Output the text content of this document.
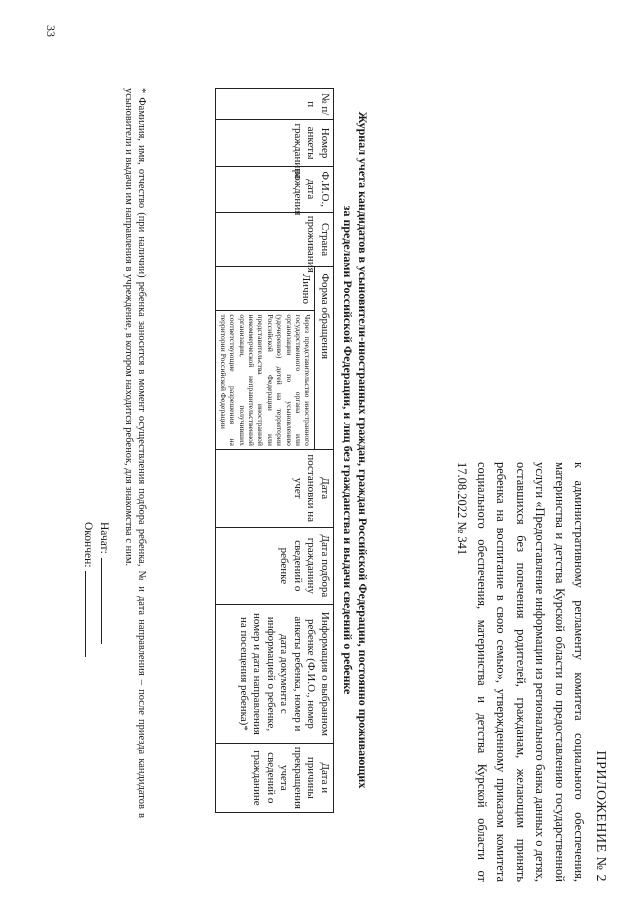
33
ПРИЛОЖЕНИЕ № 2
к административному регламенту комитета социального обеспечения, материнства и детства Курской области по предоставлению государственной услуги «Предоставление информации из регионального банка данных о детях, оставшихся без попечения родителей, гражданам, желающим принять ребенка на воспитание в свою семью», утвержденному приказом комитета социального обеспечения, материнства и детства Курской области от 17.08.2022 № 341
Журнал учета кандидатов в усыновители-иностранных граждан, граждан Российской Федерации, постоянно проживающих
за пределами Российской Федерации, и лиц без гражданства и выдачи сведений о ребенке
№ п/п	Номер анкеты гражданина	Ф.И.О., дата рождения	Страна проживания	Форма обращения		Дата постановки на учет	Дата подбора гражданину сведений о ребенке	Информация о выбранном ребенке (Ф.И.О., номер анкеты ребенка, номер и дата документа с информацией о ребенке, номер и дата направления на посещения ребенка)*	Дата и причины прекращения учета сведений о гражданине
				Лично	Через представительство иностранного государственного органа или организации по усыновлению (удочерению) детей на территории Российской Федерации или представительства иностранной некоммерческой неправительственной организации, получивших соответствующие разрешения на территории Российской Федерации				
* Фамилия, имя, отчество (при наличии) ребенка заносится в момент осуществления подбора ребенка, № и дата направления – после приезда кандидатов в усыновители и выдачи им направления в учреждение, в котором находится ребенок, для знакомства с ним.
Начат:
Окончен:
